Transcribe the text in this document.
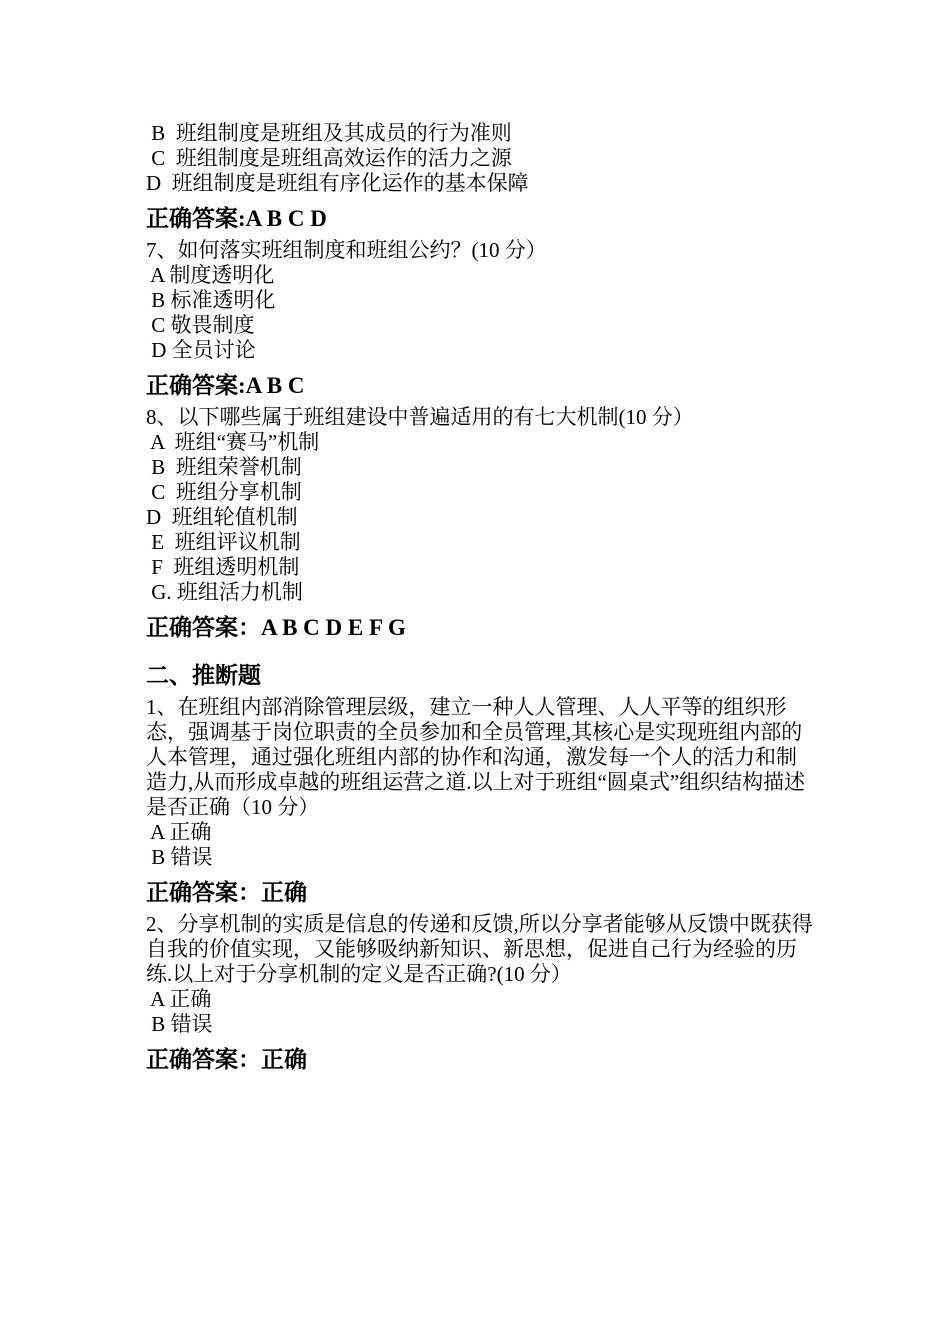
B  班组制度是班组及其成员的行为准则
C  班组制度是班组高效运作的活力之源
D  班组制度是班组有序化运作的基本保障
正确答案:A B C D
7、如何落实班组制度和班组公约？(10 分）
A 制度透明化
B 标准透明化
C 敬畏制度
D 全员讨论
正确答案:A B C
8、以下哪些属于班组建设中普遍适用的有七大机制(10 分）
A  班组“赛马”机制
B  班组荣誉机制
C  班组分享机制
D  班组轮值机制
E  班组评议机制
F  班组透明机制
G. 班组活力机制
正确答案：A B C D E F G
二、推断题
1、在班组内部消除管理层级，建立一种人人管理、人人平等的组织形态，强调基于岗位职责的全员参加和全员管理,其核心是实现班组内部的人本管理，通过强化班组内部的协作和沟通，激发每一个人的活力和制造力,从而形成卓越的班组运营之道.以上对于班组“圆桌式”组织结构描述是否正确（10 分）
A 正确
B 错误
正确答案：正确
2、分享机制的实质是信息的传递和反馈,所以分享者能够从反馈中既获得自我的价值实现，又能够吸纳新知识、新思想，促进自己行为经验的历练.以上对于分享机制的定义是否正确?(10 分）
A 正确
B 错误
正确答案：正确
